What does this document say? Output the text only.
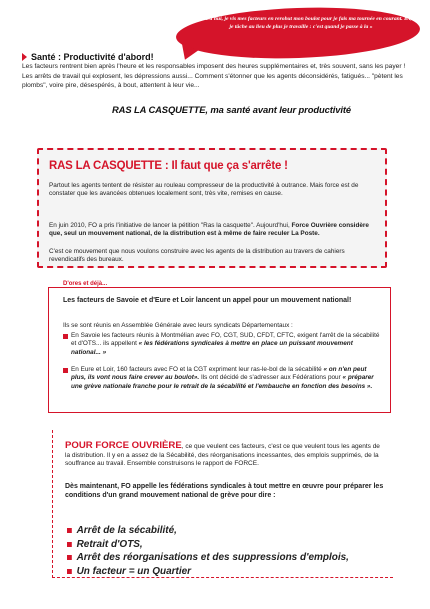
«Aujourd'hui, je vis mes facteurs en rerobut mon boulot pour je fais ma tournée en courant. Ici, je tâche au lieu de plus je travaille : c'est quand je passe à la »
Santé : Productivité d'abord!

Les facteurs rentrent bien après l'heure et les responsables imposent des heures supplémentaires et, très souvent, sans les payer !

Les arrêts de travail qui explosent, les dépressions aussi... Comment s'étonner que les agents déconsidérés, fatigués... "pètent les plombs", voire pire, désespérés, à bout, attentent à leur vie...

RAS LA CASQUETTE, ma santé avant leur productivité
RAS LA CASQUETTE : Il faut que ça s'arrête !

Partout les agents tentent de résister au rouleau compresseur de la productivité à outrance. Mais force est de constater que les avancées obtenues localement sont, très vite, remises en cause.

En juin 2010, FO a pris l'initiative de lancer la pétition "Ras la casquette". Aujourd'hui, Force Ouvrière considère que, seul un mouvement national, de la distribution est à même de faire reculer La Poste.

C'est ce mouvement que nous voulons construire avec les agents de la distribution au travers de cahiers revendicatifs des bureaux.

Les facteurs de Savoie et d'Eure et Loir lancent un appel pour un mouvement national!

Ils se sont réunis en Assemblée Générale avec leurs syndicats Départementaux :

En Savoie les facteurs réunis à Montmélian avec FO, CGT, SUD, CFDT, CFTC, exigent l'arrêt de la sécabilité et d'OTS... ils appellent « les fédérations syndicales à mettre en place un puissant mouvement national... »
En Eure et Loir, 160 facteurs avec FO et la CGT expriment leur ras-le-bol de la sécabilité « on n'en peut plus, ils vont nous faire crever au boulot». Ils ont décidé de s'adresser aux Fédérations pour « préparer une grève nationale franche pour le retrait de la sécabilité et l'embauche en fonction des besoins ».
D'ores et déjà...

POUR FORCE OUVRIÈRE, ce que veulent ces facteurs, c'est ce que veulent tous les agents de la distribution. Il y en a assez de la Sécabilité, des réorganisations incessantes, des emplois supprimés, de la souffrance au travail. Ensemble construisons le rapport de FORCE.

Dès maintenant, FO appelle les fédérations syndicales à tout mettre en œuvre pour préparer les conditions d'un grand mouvement national de grève pour dire :

Arrêt de la sécabilité,
Retrait d'OTS,
Arrêt des réorganisations et des suppressions d'emplois,
Un facteur = un Quartier
